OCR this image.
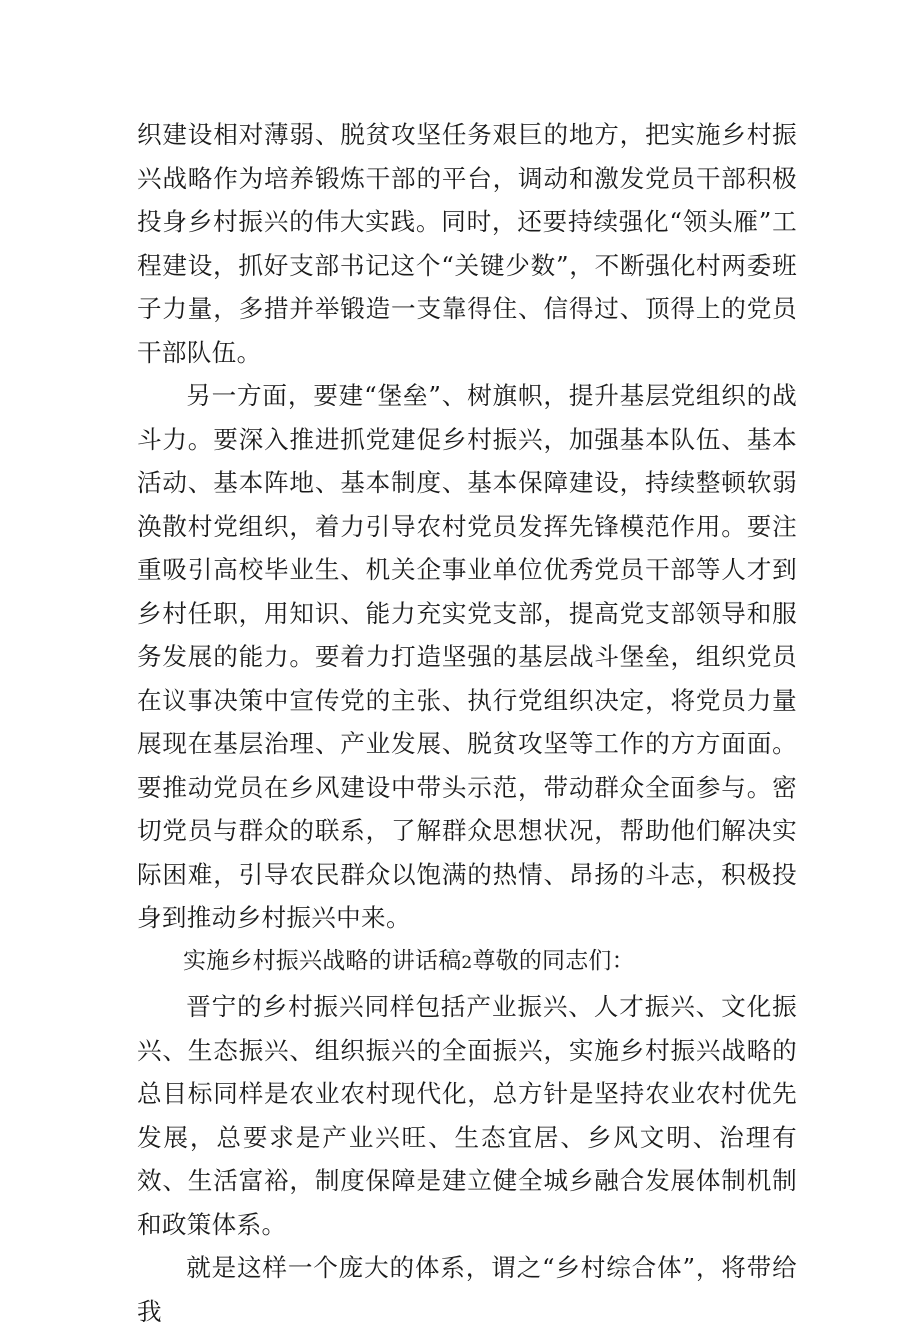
织建设相对薄弱、脱贫攻坚任务艰巨的地方，把实施乡村振兴战略作为培养锻炼干部的平台，调动和激发党员干部积极投身乡村振兴的伟大实践。同时，还要持续强化“领头雁”工程建设，抓好支部书记这个“关键少数”，不断强化村两委班子力量，多措并举锻造一支靠得住、信得过、顶得上的党员干部队伍。

另一方面，要建“堡垒”、树旗帜，提升基层党组织的战斗力。要深入推进抓党建促乡村振兴，加强基本队伍、基本活动、基本阵地、基本制度、基本保障建设，持续整顿软弱涣散村党组织，着力引导农村党员发挥先锋模范作用。要注重吸引高校毕业生、机关企事业单位优秀党员干部等人才到乡村任职，用知识、能力充实党支部，提高党支部领导和服务发展的能力。要着力打造坚强的基层战斗堡垒，组织党员在议事决策中宣传党的主张、执行党组织决定，将党员力量展现在基层治理、产业发展、脱贫攻坚等工作的方方面面。要推动党员在乡风建设中带头示范，带动群众全面参与。密切党员与群众的联系，了解群众思想状况，帮助他们解决实际困难，引导农民群众以饱满的热情、昂扬的斗志，积极投身到推动乡村振兴中来。

实施乡村振兴战略的讲话稿2尊敬的同志们：

晋宁的乡村振兴同样包括产业振兴、人才振兴、文化振兴、生态振兴、组织振兴的全面振兴，实施乡村振兴战略的总目标同样是农业农村现代化，总方针是坚持农业农村优先发展，总要求是产业兴旺、生态宜居、乡风文明、治理有效、生活富裕，制度保障是建立健全城乡融合发展体制机制和政策体系。

就是这样一个庞大的体系，谓之“乡村综合体”，将带给我
